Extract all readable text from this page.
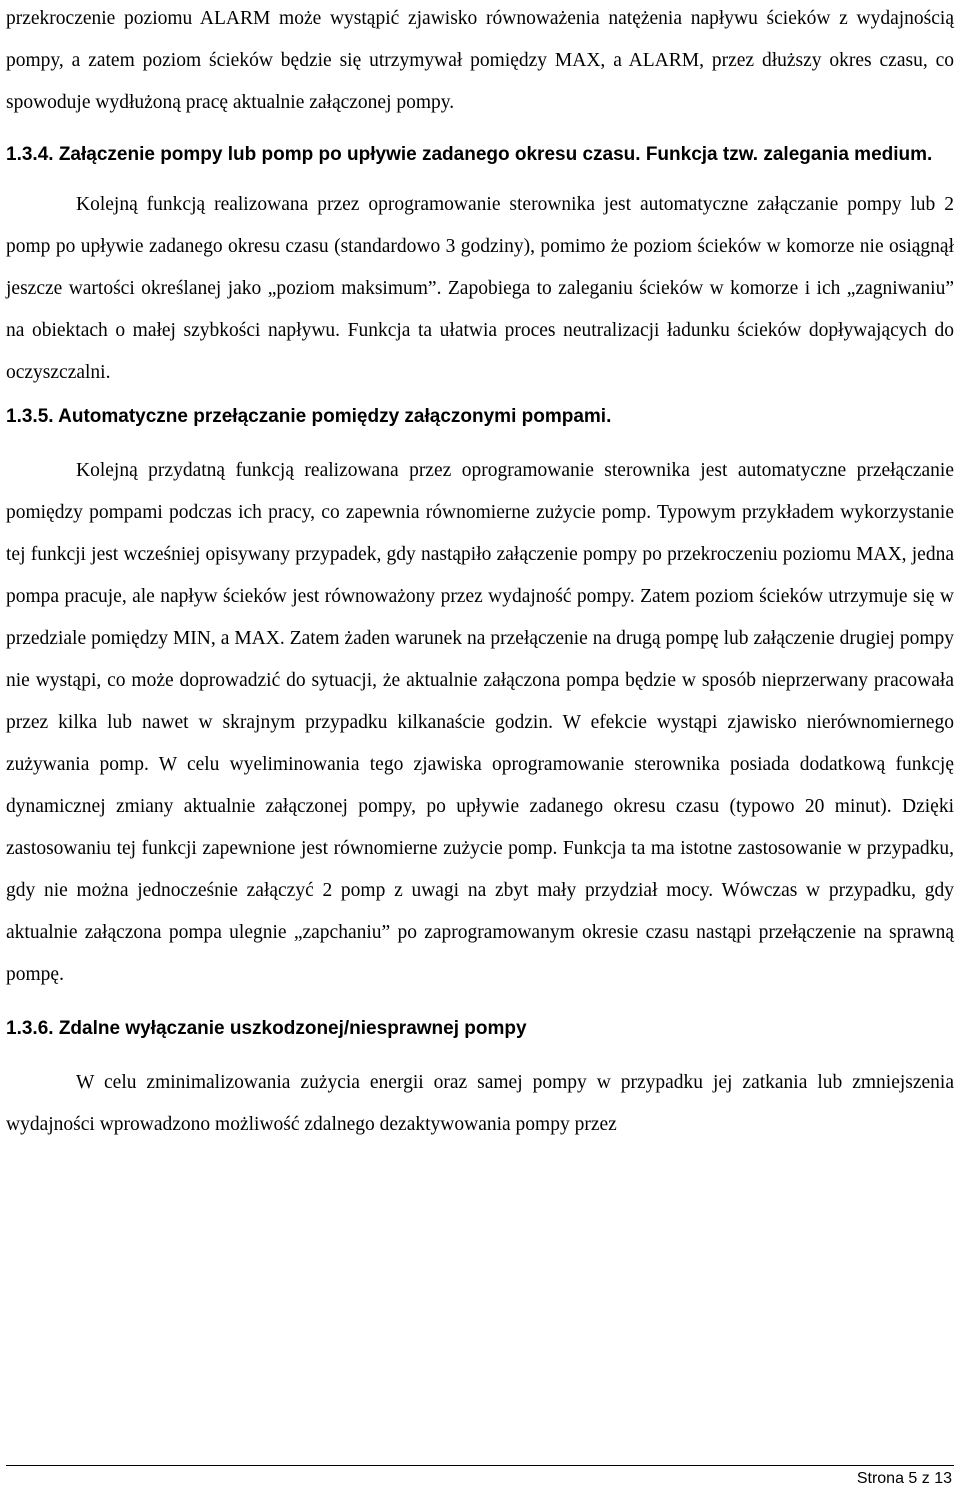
przekroczenie poziomu ALARM może wystąpić zjawisko równoważenia natężenia napływu ścieków z wydajnością pompy, a zatem poziom ścieków będzie się utrzymywał pomiędzy MAX, a ALARM, przez dłuższy okres czasu, co spowoduje wydłużoną pracę aktualnie załączonej pompy.

1.3.4. Załączenie pompy lub pomp po upływie zadanego okresu czasu. Funkcja tzw. zalegania medium.

Kolejną funkcją realizowana przez oprogramowanie sterownika jest automatyczne załączanie pompy lub 2 pomp po upływie zadanego okresu czasu (standardowo 3 godziny), pomimo że poziom ścieków w komorze nie osiągnął jeszcze wartości określanej jako „poziom maksimum”. Zapobiega to zaleganiu ścieków w komorze i ich „zagniwaniu” na obiektach o małej szybkości napływu. Funkcja ta ułatwia proces neutralizacji ładunku ścieków dopływających do oczyszczalni.

1.3.5. Automatyczne przełączanie pomiędzy załączonymi pompami.

Kolejną przydatną funkcją realizowana przez oprogramowanie sterownika jest automatyczne przełączanie pomiędzy pompami podczas ich pracy, co zapewnia równomierne zużycie pomp. Typowym przykładem wykorzystanie tej funkcji jest wcześniej opisywany przypadek, gdy nastąpiło załączenie pompy po przekroczeniu poziomu MAX, jedna pompa pracuje, ale napływ ścieków jest równoważony przez wydajność pompy. Zatem poziom ścieków utrzymuje się w przedziale pomiędzy MIN, a MAX. Zatem żaden warunek na przełączenie na drugą pompę lub załączenie drugiej pompy nie wystąpi, co może doprowadzić do sytuacji, że aktualnie załączona pompa będzie w sposób nieprzerwany pracowała przez kilka lub nawet w skrajnym przypadku kilkanaście godzin. W efekcie wystąpi zjawisko nierównomiernego zużywania pomp. W celu wyeliminowania tego zjawiska oprogramowanie sterownika posiada dodatkową funkcję dynamicznej zmiany aktualnie załączonej pompy, po upływie zadanego okresu czasu (typowo 20 minut). Dzięki zastosowaniu tej funkcji zapewnione jest równomierne zużycie pomp. Funkcja ta ma istotne zastosowanie w przypadku, gdy nie można jednocześnie załączyć 2 pomp z uwagi na zbyt mały przydział mocy. Wówczas w przypadku, gdy aktualnie załączona pompa ulegnie „zapchaniu” po zaprogramowanym okresie czasu nastąpi przełączenie na sprawną pompę.

1.3.6. Zdalne wyłączanie uszkodzonej/niesprawnej pompy

W celu zminimalizowania zużycia energii oraz samej pompy w przypadku jej zatkania lub zmniejszenia wydajności wprowadzono możliwość zdalnego dezaktywowania pompy przez

Strona 5 z 13
